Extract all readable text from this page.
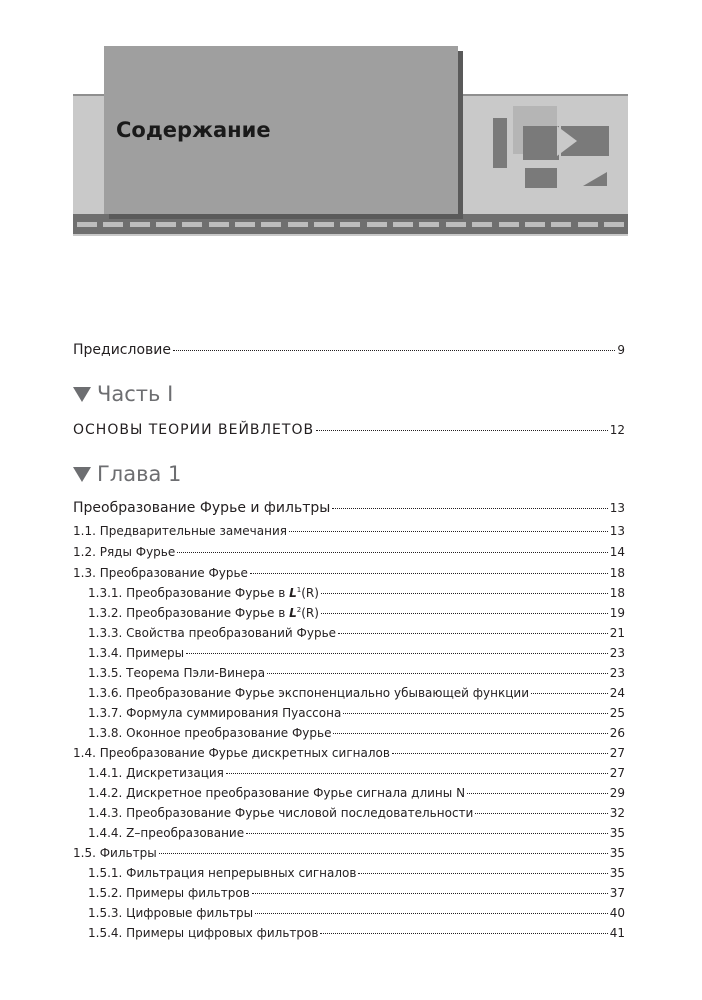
Содержание
Предисловие	9
Часть I
ОСНОВЫ ТЕОРИИ ВЕЙВЛЕТОВ	12
Глава 1
Преобразование Фурье и фильтры	13
1.1. Предварительные замечания	13
1.2. Ряды Фурье	14
1.3. Преобразование Фурье	18
1.3.1. Преобразование Фурье в $L^1(R)$	18
1.3.2. Преобразование Фурье в $L^2(R)$	19
1.3.3. Свойства преобразований Фурье	21
1.3.4. Примеры	23
1.3.5. Теорема Пэли-Винера	23
1.3.6. Преобразование Фурье экспоненциально убывающей функции	24
1.3.7. Формула суммирования Пуассона	25
1.3.8. Оконное преобразование Фурье	26
1.4. Преобразование Фурье дискретных сигналов	27
1.4.1. Дискретизация	27
1.4.2. Дискретное преобразование Фурье сигнала длины N	29
1.4.3. Преобразование Фурье числовой последовательности	32
1.4.4. Z–преобразование	35
1.5. Фильтры	35
1.5.1. Фильтрация непрерывных сигналов	35
1.5.2. Примеры фильтров	37
1.5.3. Цифровые фильтры	40
1.5.4. Примеры цифровых фильтров	41
